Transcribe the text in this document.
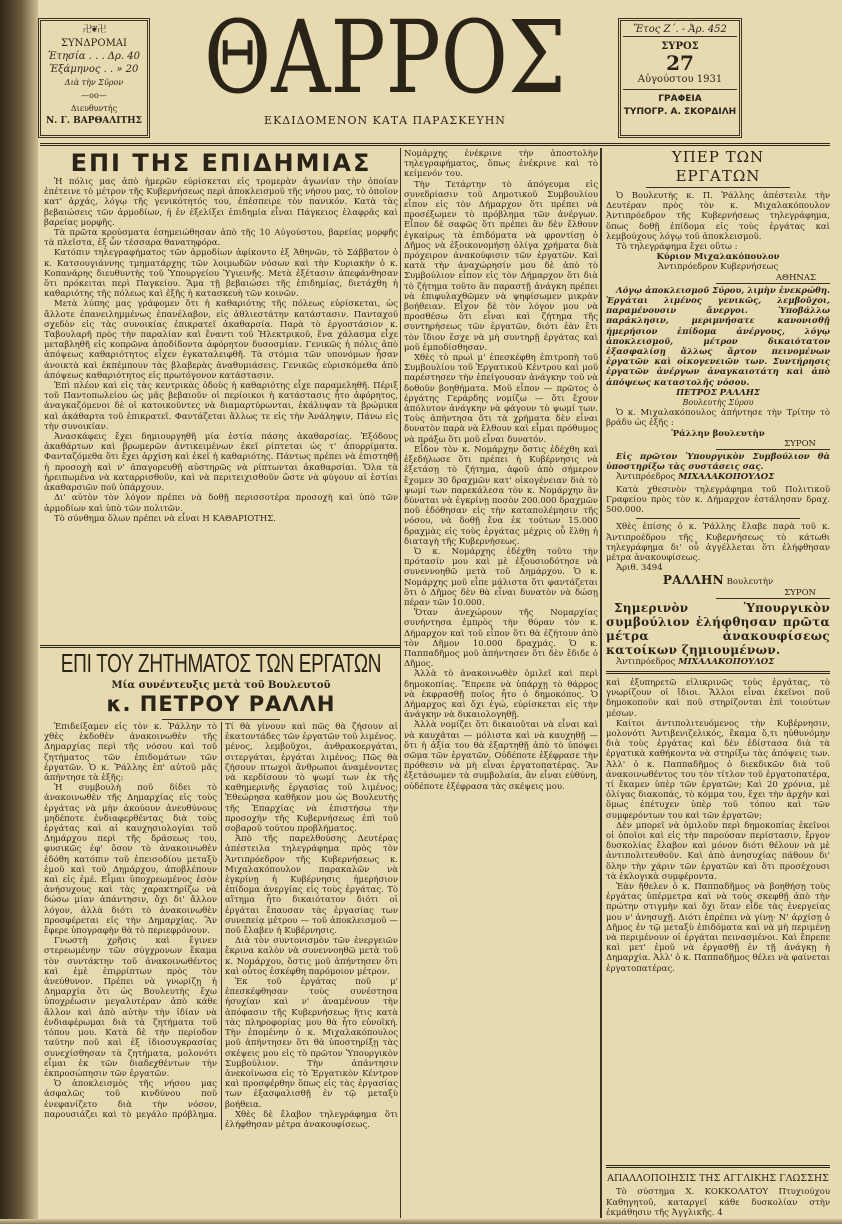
卍❦卍
ΣΥΝΔΡΟΜΑΙ
Ἐτησία . . . Δρ. 40
Ἑξάμηνος . . » 20
Διὰ τὴν Σῦρον
—oo—
Διευθυντής
Ν. Γ. ΒΑΡΘΑΛΙΤΗΣ
ΘΑΡΡΟΣ
ΕΚΔΙΔΟΜΕΝΟΝ ΚΑΤΑ ΠΑΡΑΣΚΕΥΗΝ
Ἔτος Ζ΄. - Ἀρ. 452
ΣΥΡΟΣ
27
Αὐγούστου 1931
ΓΡΑΦΕΙΑ
ΤΥΠΟΓΡ. Α. ΣΚΟΡΔΙΛΗ
ΕΠΙ ΤΗΣ ΕΠΙΔΗΜΙΑΣ

Ἡ πόλις μας ἀπὸ ἡμερῶν εὑρίσκεται εἰς τρομερὰν ἀγωνίαν τὴν ὁποίαν ἐπέτεινε τὸ μέτρον τῆς Κυβερνήσεως περὶ ἀποκλεισμοῦ τῆς νήσου μας, τὸ ὁποῖον κατ' ἀρχάς, λόγῳ τῆς γενικότητός του, ἐπέσπειρε τὸν πανικόν. Κατὰ τὰς βεβαιώσεις τῶν ἁρμοδίων, ἡ ἐν ἐξελίξει ἐπιδημία εἶναι Πάγκειος ἐλαφρᾶς καὶ βαρείας μορφῆς.

Τὰ πρῶτα κρούσματα ἐσημειώθησαν ἀπὸ τῆς 10 Αὐγούστου, βαρείας μορφῆς τὰ πλεῖστα, ἐξ ὧν τέσσαρα θανατηφόρα.

Κατόπιν τηλεγραφήματος τῶν ἁρμοδίων ἀφίκοντο ἐξ Ἀθηνῶν, τὸ Σάββατον ὁ κ. Κατσουγιάννης τμηματάρχης τῶν λοιμωδῶν νόσων καὶ τὴν Κυριακὴν ὁ κ. Κοπανάρης διευθυντὴς τοῦ Ὑπουργείου Ὑγιεινῆς. Μετὰ ἐξέτασιν ἀπεφάνθησαν ὅτι πρόκειται περὶ Παγκείου. Ἅμα τῇ βεβαιώσει τῆς ἐπιδημίας, διετάχθη ἡ καθαριότης τῆς πόλεως καὶ ἐξῆς ἡ κατασκευὴ τῶν κοινῶν.

Μετὰ λύπης μας γράφομεν ὅτι ἡ καθαριότης τῆς πόλεως εὑρίσκεται, ὡς ἄλλοτε ἐπανειλημμένως ἐπανέλαβον, εἰς ἀθλιεστάτην κατάστασιν. Πανταχοῦ σχεδὸν εἰς τὰς συνοικίας ἐπικρατεῖ ἀκαθαρσία. Παρὰ τὸ ἐργοστάσιον κ. Ταβουλαρῆ πρὸς τὴν παραλίαν καὶ ἔναντι τοῦ Ἠλεκτρικοῦ, ἕνα χάλασμα εἶχε μεταβληθῆ εἰς κοπρῶνα ἀποδίδοντα ἀφόρητον δυσοσμίαν. Γενικῶς ἡ πόλις ἀπὸ ἀπόψεως καθαριότητος εἶχεν ἐγκαταλειφθῆ. Τὰ στόμια τῶν υπονόμων ἦσαν ἀνοικτὰ καὶ ἐκπέμπουν τὰς βλαβερὰς ἀναθυμιάσεις. Γενικῶς εὑρισκόμεθα ἀπὸ ἀπόψεως καθαριότητος εἰς πρωτόγονον κατάστασιν.

Ἐπὶ πλέον καὶ εἰς τὰς κεντρικὰς ὁδοὺς ἡ καθαριότης εἶχε παραμεληθῆ. Πέριξ τοῦ Παντοπωλείου ὡς μᾶς βεβαιοῦν οἱ περίοικοι ἡ κατάστασις ἦτο ἀφόρητος, ἀναγκαζόμενοι δὲ οἱ κατοικοῦντες νὰ διαμαρτύρωνται, ἐκάλυψαν τὰ βρώμικα καὶ ἀκάθαρτα τοῦ ἐπικρατεῖ. Φαντάζεται ἄλλως τε εἰς τὴν Ἀνάληψιν, Πάνω εἰς τὴν συνοικίαν.

Ἀνασκάφεις ἔχει δημιουργηθῆ μία ἑστία πάσης ἀκαθαρσίας. Ἐξόδους ἀκαθάρτων καὶ βρωμερῶν ἀντικειμένων ἐκεῖ ρίπτεται ὡς τ' ἀπορρίματα. Φανταζόμεθα ὅτι ἔχει ἀρχίση καὶ ἐκεῖ ἡ καθαριότης. Πάντως πρέπει νὰ ἐπιστηθῇ ἡ προσοχὴ καὶ ν' ἀπαγορευθῇ αὐστηρῶς νὰ ρίπτωνται ἀκαθαρσίαι. Ὅλα τὰ ἠρειπωμένα νὰ καταρρισθοῦν, καὶ νὰ περιτειχισθοῦν ὥστε νὰ φύγουν αἱ ἑστίαι ἀκαθαρσιῶν ποῦ ὑπάρχουν.

Δι' αὐτὸν τὸν λόγον πρέπει νὰ δοθῇ περισσοτέρα προσοχὴ καὶ ὑπὸ τῶν ἁρμοδίων καὶ ὑπὸ τῶν πολιτῶν.

Τὸ σύνθημα ὅλων πρέπει νὰ εἶναι Η ΚΑΘΑΡΙΟΤΗΣ.

ΕΠΙ ΤΟΥ ΖΗΤΗΜΑΤΟΣ ΤΩΝ ΕΡΓΑΤΩΝ
Μία συνέντευξις μετὰ τοῦ Βουλευτοῦ
κ. ΠΕΤΡΟΥ ΡΑΛΛΗ

Ἐπιδείξαμεν εἰς τὸν κ. Ῥάλλην τὸ χθὲς ἐκδοθὲν ἀνακοινωθὲν τῆς Δημαρχίας περὶ τῆς νόσου καὶ τοῦ ζητήματος τῶν ἐπιδομάτων τῶν ἐργατῶν. Ὁ κ. Ῥάλλης ἐπ' αὐτοῦ μᾶς ἀπήντησε τὰ ἑξῆς:

Ἡ συμβουλὴ ποῦ δίδει τὸ ἀνακοινωθὲν τῆς Δημαρχίας εἰς τοὺς ἐργάτας νὰ μὴν ἀκούουν ἀνευθύνους μηδέποτε ἐνδιαφερθέντας διὰ τοὺς ἐργάτας καὶ αἱ καυχησιολογίαι τοῦ Δημάρχου περὶ τῆς δράσεως του, φυσικῶς ἐφ' ὅσον τὸ ἀνακοινωθὲν ἐδόθη κατόπιν τοῦ ἐπεισοδίου μεταξὺ ἐμοῦ καὶ τοῦ Δημάρχου, ἀποβλέπουν καὶ εἰς ἐμέ. Εἶμαι ὑποχρεωμένος ἐσὸν ἀνήσυχους καὶ τὰς χαρακτηρίζω νὰ δώσω μίαν ἀπάντησιν, ὄχι δι' ἄλλον λόγον, ἀλλὰ διότι τὸ ἀνακοινωθὲν προσφέρεται εἰς τὴν Δημαρχίας. Ἂν ἔφερε ὑπογραφὴν θὰ τὸ περιεφρόνουν.

Γνωστὴ χρῆσις καὶ ἔγινεν στερεωμένην τῶν σύγχρονων ἔκαμα τὸν συντάκτην τοῦ ἀνακοινωθέντος καὶ ἐμὲ ἐπιρρίπτων πρὸς τὸν ἀνεύθυνον. Πρέπει νὰ γνωρίζῃ ἡ Δημαρχία ὅτι ὡς Βουλευτὴς ἔχω ὑποχρέωσιν μεγαλυτέραν ἀπὸ κάθε ἄλλον καὶ ἀπὸ αὐτὴν τὴν ἰδίαν νὰ ἐνδιαφέρωμαι διὰ τὰ ζητήματα τοῦ τόπου μου. Κατὰ δὲ τὴν περίοδον ταύτην ποῦ καὶ ἐξ ἰδιοσυγκρασίας συνεχίσθησαν τὰ ζητήματα, μολονότι εἶμαι ἐκ τῶν διαδεχθέντων τὴν ἐκπροσώπησιν τῶν ἐργατῶν.

Ὁ ἀποκλεισμὸς τῆς νήσου μας ἀσφαλῶς τοῦ κινδύνου ποῦ ἐνεφανίζετο διὰ τὴν νόσον, παρουσιάζει καὶ τὸ μεγάλο πρόβλημα. Τί θὰ γίνουν καὶ πῶς θὰ ζήσουν αἱ ἑκατοντάδες τῶν ἐργατῶν τοῦ λιμένος.

μένος, λεμβοῦχοι, ἀνθρακοεργάται, σιτεργάται, ἐργάται λιμένος; Πῶς θὰ ζήσουν πτωχοὶ ἄνθρωποι ἀναμένοντες νὰ κερδίσουν τὸ ψωμί των ἐκ τῆς καθημερινῆς ἐργασίας τοῦ λιμένος; Ἐθεώρησα καθῆκον μου ὡς Βουλευτὴς τῆς Ἐπαρχίας νὰ ἐπιστήσω τὴν προσοχὴν τῆς Κυβερνήσεως ἐπὶ τοῦ σοβαροῦ τούτου προβλήματος.

Ἀπὸ τῆς παρελθούσης Δευτέρας ἀπέστειλα τηλεγράφημα πρὸς τὸν Ἀντιπρόεδρον τῆς Κυβερνήσεως κ. Μιχαλακόπουλον παρακαλῶν νὰ ἐγκρίνῃ ἡ Κυβέρνησις ἡμερήσιον ἐπίδομα ἀνεργίας εἰς τοὺς ἐργάτας. Τὸ αἴτημα ἦτο δικαιότατον διότι οἱ ἐργάται ἔπαυσαν τὰς ἐργασίας των συνεπείᾳ μέτρου — τοῦ ἀποκλεισμοῦ — ποῦ ἔλαβεν ἡ Κυβέρνησις.

Διὰ τὸν συντονισμὸν τῶν ἐνεργειῶν ἔκρινα καλὸν νὰ συνεννοηθῶ μετὰ τοῦ κ. Νομάρχου, ὅστις μοῦ ἀπήντησεν ὅτι καὶ οὗτος ἐσκέφθη παρόμοιον μέτρον.

Ἐκ τοῦ ἐργάτας ποῦ μ' ἐπεσκέφθησαν τοὺς συνέστησα ἡσυχίαν καὶ ν' ἀναμένουν τὴν ἀπόφασιν τῆς Κυβερνήσεως ἥτις κατὰ τὰς πληροφορίας μου θὰ ἦτο εὐνοϊκή. Τὴν ἑπομένην ὁ κ. Μιχαλακόπουλος μοῦ ἀπήντησεν ὅτι θὰ ὑποστηρίξῃ τὰς σκέψεις μου εἰς τὸ πρῶτον Ὑπουργικὸν Συμβούλιον. Τὴν ἀπάντησιν ἀνεκοίνωσα εἰς τὸ Ἐργατικὸν Κέντρον καὶ προσφέρθην ὅπως εἰς τὰς ἐργασίας των ἐξασφαλισθῇ ἐν τῷ μεταξὺ βοήθεια.

Χθὲς δὲ ἔλαβον τηλεγράφημα ὅτι ἐλήφθησαν μέτρα ἀνακουφίσεως.

Νομάρχης ἐνέκρινε τὴν ἀποστολὴν τηλεγραφήματος, ὅπως ἐνέκρινε καὶ τὸ κείμενόν του.

Τὴν Τετάρτην τὸ ἀπόγευμα εἰς συνεδρίασιν τοῦ Δημοτικοῦ Συμβουλίου εἶπον εἰς τὸν Δήμαρχον ὅτι πρέπει νὰ προσέξωμεν τὸ πρόβλημα τῶν ἀνέργων. Εἶπον δὲ σαφῶς ὅτι πρέπει ἂν δὲν ἔλθουν ἐγκαίρως τὰ ἐπιδόματα νὰ φροντίσῃ ὁ Δῆμος νὰ ἐξοικονομήσῃ ὀλίγα χρήματα διὰ πρόχειρον ἀνακούφισιν τῶν ἐργατῶν. Καὶ κατὰ τὴν ἀναχώρησίν μου δὲ ἀπὸ τὸ Συμβούλιον εἶπον εἰς τὸν Δήμαρχον ὅτι διὰ τὸ ζήτημα τοῦτο ἂν παραστῇ ἀνάγκη πρέπει νὰ ἐπιφυλαχθῶμεν νὰ ψηφίσωμεν μικρὰν βοήθειαν. Εἶχον δὲ τὸν λόγον μου νὰ προσθέσω ὅτι εἶναι καὶ ζήτημα τῆς συντηρήσεως τῶν ἐργατῶν, διότι ἐὰν ἔτι τὸν ἴδιον ἔσχε νὰ μὴ συντηρῇ ἐργάτας καὶ μοῦ ἐμποδίσθησαν.

Χθὲς τὸ πρωὶ μ' ἐπεσκέφθη ἐπιτροπὴ τοῦ Συμβουλίου τοῦ Ἐργατικοῦ Κέντρου καὶ μοῦ παρέστησεν τὴν ἐπείγουσαν ἀνάγκην τοῦ νὰ δοθοῦν βοηθήματα. Μοῦ εἶπον — πρῶτος ὁ ἐργάτης Γεράρδης νομίζω — ὅτι ἔχουν ἀπόλυτον ἀνάγκην νὰ φάγουν τὸ ψωμί των. Τοὺς ἀπήντησα ὅτι τὰ χρήματα δὲν εἶναι δυνατὸν παρὰ νὰ ἔλθουν καὶ εἶμαι πρόθυμος νὰ πράξω ὅτι μοῦ εἶναι δυνατόν.

Εἶδον τὸν κ. Νομάρχην ὅστις ἐδέχθη καὶ ἐξεδήλωσε ὅτι πρέπει ἡ Κυβέρνησις νὰ ἐξετάσῃ τὸ ζήτημα, ἀφοῦ ἀπὸ σήμερον ἔχομεν 30 δραχμῶν κατ' οἰκογένειαν διὰ τὸ ψωμί των παρεκάλεσα τὸν κ. Νομάρχην ἂν δύναται νὰ ἐγκρίνῃ ποσὸν 200.000 δραχμῶν ποῦ ἐδόθησαν εἰς τὴν καταπολέμησιν τῆς νόσου, νὰ δοθῇ ἕνα ἐκ τούτων 15.000 δραχμὰς εἰς τοὺς ἐργάτας μέχρις οὗ ἔλθῃ ἡ διαταγὴ τῆς Κυβερνήσεως.

Ὁ κ. Νομάρχης ἐδέχθη τοῦτο τὴν πρότασίν μου καὶ μὲ ἐξουσιοδότησε νὰ συνεννοηθῶ μετὰ τοῦ Δημάρχου. Ὁ κ. Νομάρχης μοῦ εἶπε μάλιστα ὅτι φαντάζεται ὅτι ὁ Δῆμος δὲν θὰ εἶναι δυνατὸν νὰ δώσῃ πέραν τῶν 10.000.

Ὅταν ἀνεχώρουν τῆς Νομαρχίας συνήντησα ἐμπρὸς τὴν θύραν τὸν κ. Δήμαρχον καὶ τοῦ εἶπον ὅτι θὰ ἐζήτουν ἀπὸ τὸν Δῆμον 10.000 δραχμάς. Ὁ κ. Παππαδῆμος μοῦ ἀπήντησεν ὅτι δὲν ἔδιδε ὁ Δῆμος.

Ἀλλὰ τὸ ἀνακοινωθὲν ὁμιλεῖ καὶ περὶ δημοκοπίας. Ἔπρεπε νὰ ὑπάρχῃ τὸ θάρρος νὰ ἐκφρασθῇ ποῖος ἦτο ὁ δημοκόπος. Ὁ Δήμαρχος καὶ ὄχι ἐγώ, εὑρίσκεται εἰς τὴν ἀνάγκην νὰ δικαιολογηθῇ.

Ἀλλὰ νομίζει ὅτι δικαιοῦται νὰ εἶναι καὶ νὰ καυχᾶται — μόλιστα καὶ νὰ καυχηθῇ — ὅτι ἡ ἀξία του θὰ ἐξαρτηθῇ ἀπὸ τὸ ὑπόψει σῶμα τῶν ἐργατῶν. Οὐδέποτε ἐξέφρασε τὴν πρόθεσιν νὰ μὴ εἶναι ἐργατοπατέρας. Ἂν ἐξετάσωμεν τὰ συμβολαία, ἂν εἶναι εὐθύνη, οὐδέποτε ἐξέφρασα τὰς σκέψεις μου.

ΥΠΕΡ ΤΩΝ ΕΡΓΑΤΩΝ

Ὁ Βουλευτὴς κ. Π. Ῥάλλης ἀπέστειλε τὴν Δευτέραν πρὸς τὸν κ. Μιχαλακόπουλον Ἀντιπρόεδρον τῆς Κυβερνήσεως τηλεγράφημα, ὅπως δοθῇ ἐπίδομα εἰς τοὺς ἐργάτας καὶ λεμβούχους λόγῳ τοῦ ἀποκλεισμοῦ.

Τὸ τηλεγράφημα ἔχει οὕτω :

Κύριον Μιχαλακόπουλον
Ἀντιπρόεδρον Κυβερνήσεως
ΑΘΗΝΑΣ

Λόγῳ ἀποκλεισμοῦ Σύρου, λιμὴν ἐνεκρώθη. Ἐργάται λιμένος γενικῶς, λεμβοῦχοι, παραμένουσιν ἄνεργοι. Ὑποβάλλω παράκλησιν, μεριμνήσατε κανονισθῇ ἡμερήσιον ἐπίδομα ἀνέργους, λόγῳ ἀποκλεισμοῦ, μέτρον δικαιότατον ἐξασφαλίσῃ ἄλλως ἄρτον πεινομένων ἐργατῶν καὶ οἰκογενειῶν των. Συντήρησις ἐργατῶν ἀνέργων ἀναγκαιοτάτη καὶ ἀπὸ ἀπόψεως καταστολῆς νόσου.

ΠΕΤΡΟΣ ΡΑΛΛΗΣ
Βουλευτὴς Σύρου

Ὁ κ. Μιχαλακόπουλος ἀπήντησε τὴν Τρίτην τὸ βράδυ ὡς ἑξῆς :

Ῥάλλην βουλευτὴν
ΣΥΡΟΝ

Εἰς πρῶτον Ὑπουργικὸν Συμβούλιον θὰ ὑποστηρίξω τὰς συστάσεις σας.

Ἀντιπρόεδρος ΜΙΧΑΛΑΚΟΠΟΥΛΟΣ

Κατὰ χθεσινὸν τηλεγράφημα τοῦ Πολιτικοῦ Γραφείου πρὸς τὸν κ. Δήμαρχον ἐστάλησαν δραχ. 500.000.

Χθὲς ἐπίσης ὁ κ. Ῥάλλης ἔλαβε παρὰ τοῦ κ. Ἀντιπροέδρου τῆς Κυβερνήσεως τὸ κάτωθι τηλεγράφημα δι' οὗ ἀγγέλλεται ὅτι ἐλήφθησαν μέτρα ἀνακουφίσεως.

Ἀριθ. 3494
ΡΑΛΛΗΝ Βουλευτὴν
ΣΥΡΟΝ

Σημερινὸν Ὑπουργικὸν συμβούλιον ἐλήφθησαν πρῶτα μέτρα ἀνακουφίσεως κατοίκων ζημιουμένων.

Ἀντιπρόεδρος ΜΙΧΑΛΑΚΟΠΟΥΛΟΣ

καὶ ἐξυπηρετῶ εἰλικρινῶς τοὺς ἐργάτας, τὸ γνωρίζουν οἱ ἴδιοι. Ἄλλοι εἶναι ἐκεῖνοι ποῦ δημοκοποῦν καὶ ποῦ στηρίζονται ἐπὶ τοιούτων μέσων.

Καίτοι ἀντιπολιτευόμενος τὴν Κυβέρνησιν, μολονότι Ἀντιβενιζελικός, ἔκαμα ὅ,τι ηὐθυνόμην διὰ τοὺς ἐργάτας καὶ δὲν ἐδίστασα διὰ τὰ ἐργατικὰ καθήκοντα νὰ στηρίξω τὰς ἀπόψεις των. Ἀλλ' ὁ κ. Παππαδῆμος ὁ διεκδικῶν διὰ τοῦ ἀνακοινωθέντος του τὸν τίτλον τοῦ ἐργατοπατέρα, τί ἔκαμεν ὑπὲρ τῶν ἐργατῶν; Καὶ 20 χρόνια, μὲ ὀλίγας διακοπάς, τὸ κόμμα του, ἔχει τὴν ἀρχὴν καὶ ὅμως ἐπέτυχεν ὑπὲρ τοῦ τόπου καὶ τῶν συμφερόντων του καὶ τῶν ἐργατῶν;

Δὲν μπορεῖ νὰ ὁμιλοῦν περὶ δημοκοπίας ἐκεῖνοι οἱ ὁποῖοι καὶ εἰς τὴν παρούσαν περίστασιν, ἔργον δυσκολίας ἔλαβον καὶ μόνον διότι θέλουν νὰ μὲ ἀντιπολιτευθοῦν. Καὶ ἀπὸ ἀνησυχίας πάθουν δι' ὅλην τὴν χάριν τῶν ἐργατῶν καὶ ὅτι προσέχουσι τὰ ἐκλογικὰ συμφέροντα.

Ἐὰν ἤθελεν ὁ κ. Παππαδῆμος νὰ βοηθήσῃ τοὺς ἐργάτας ὑπέρμετρα καὶ νὰ τοὺς σκεφθῇ ἀπὸ τὴν πρώτην στιγμὴν καὶ ὄχι ὅταν εἶδε τὰς ἐνεργείας μου ν' ἀνησυχῇ. Διότι ἐπρέπει νὰ γίνῃ· Ν' ἀρχίσῃ ὁ Δῆμος ἐν τῷ μεταξὺ ἐπιδόματα καὶ νὰ μὴ περιμένῃ νὰ περιμένουν οἱ ἐργάται πεινασμένοι. Καὶ ἔπρεπε καὶ μετ' ἐμοῦ νὰ ἐργασθῇ ἐν τῇ ἀνάγκῃ ἡ Δημαρχία. Ἀλλ' ὁ κ. Παππαδῆμος θέλει νὰ φαίνεται ἐργατοπατέρας.

ΑΠΑΛΛΟΠΟΙΗΣΙΣ ΤΗΣ ΑΓΓΛΙΚΗΣ ΓΛΩΣΣΗΣ

Τὸ σύστημα Χ. ΚΟΚΚΟΛΑΤΟΥ Πτυχιούχου Καθηγητοῦ, καταργεῖ κάθε δυσκολίαν στὴν ἐκμάθησιν τῆς Ἀγγλικῆς. 4
